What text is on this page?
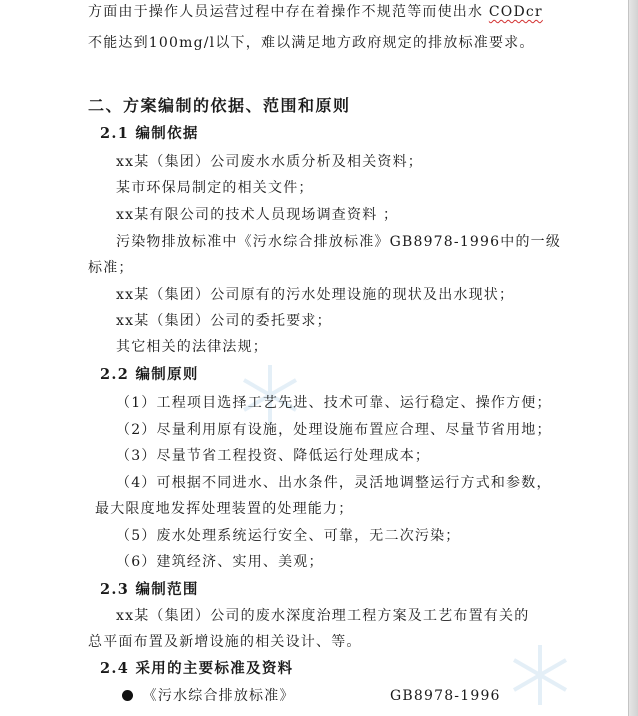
方面由于操作人员运营过程中存在着操作不规范等而使出水 CODcr
不能达到100mg/l以下，难以满足地方政府规定的排放标准要求。
二、方案编制的依据、范围和原则
2.1 编制依据
xx某（集团）公司废水水质分析及相关资料；
某市环保局制定的相关文件；
xx某有限公司的技术人员现场调查资料 ；
污染物排放标准中《污水综合排放标准》GB8978-1996中的一级
标准；
xx某（集团）公司原有的污水处理设施的现状及出水现状；
xx某（集团）公司的委托要求；
其它相关的法律法规；
2.2 编制原则
（1）工程项目选择工艺先进、技术可靠、运行稳定、操作方便；
（2）尽量利用原有设施，处理设施布置应合理、尽量节省用地；
（3）尽量节省工程投资、降低运行处理成本；
（4）可根据不同进水、出水条件，灵活地调整运行方式和参数，
最大限度地发挥处理装置的处理能力；
（5）废水处理系统运行安全、可靠，无二次污染；
（6）建筑经济、实用、美观；
2.3 编制范围
xx某（集团）公司的废水深度治理工程方案及工艺布置有关的
总平面布置及新增设施的相关设计、等。
2.4 采用的主要标准及资料
《污水综合排放标准》	GB8978-1996
